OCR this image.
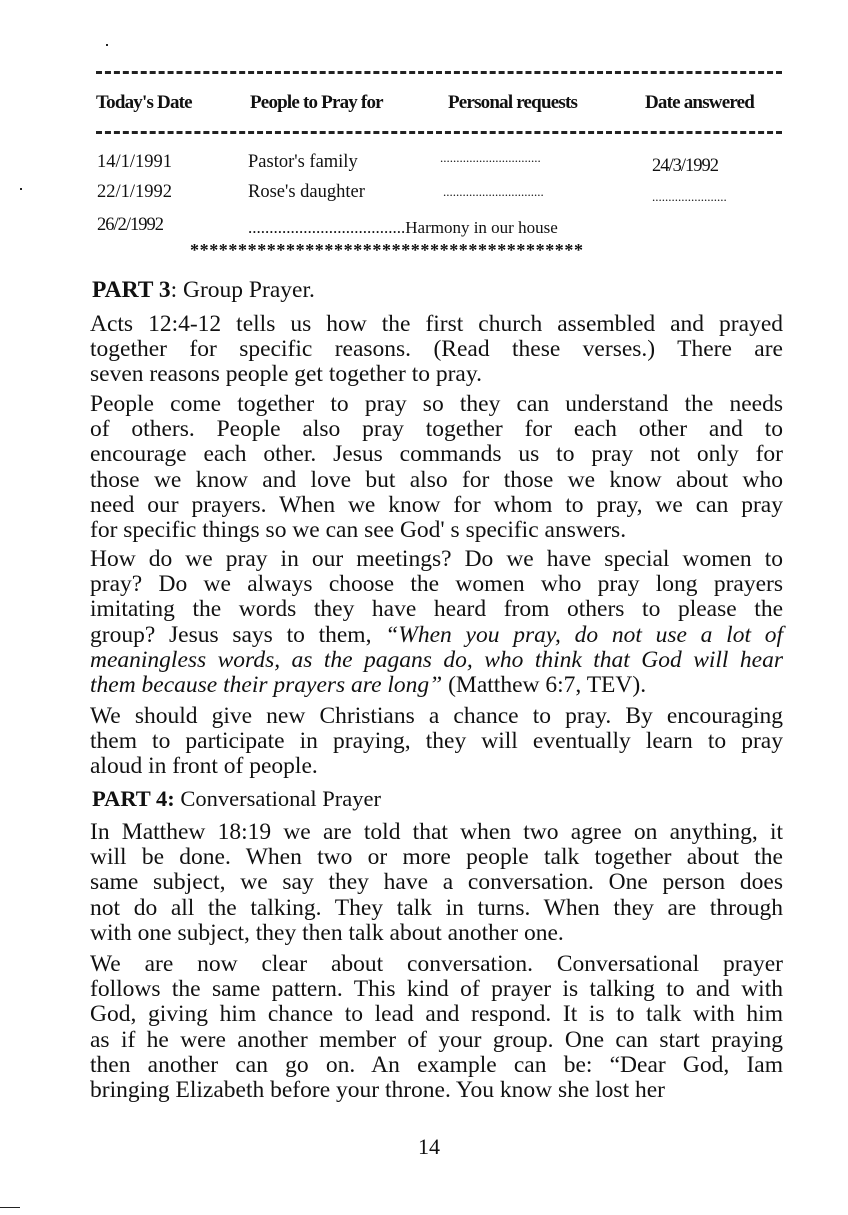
Today's Date	People to Pray for	Personal requests	Date answered
14/1/1991	Pastor's family	...............................	24/3/1992
22/1/1992	Rose's daughter	...............................	.......................
26/2/1992	.....................................Harmony in our house
*****************************************
PART 3: Group Prayer.
Acts 12:4-12 tells us how the first church assembled and prayed
together for specific reasons. (Read these verses.) There are
seven reasons people get together to pray.
People come together to pray so they can understand the needs
of others. People also pray together for each other and to
encourage each other. Jesus commands us to pray not only for
those we know and love but also for those we know about who
need our prayers. When we know for whom to pray, we can pray
for specific things so we can see God' s specific answers.
How do we pray in our meetings? Do we have special women to
pray? Do we always choose the women who pray long prayers
imitating the words they have heard from others to please the
group? Jesus says to them, “When you pray, do not use a lot of
meaningless words, as the pagans do, who think that God will hear
them because their prayers are long” (Matthew 6:7, TEV).
We should give new Christians a chance to pray. By encouraging
them to participate in praying, they will eventually learn to pray
aloud in front of people.
PART 4: Conversational Prayer
In Matthew 18:19 we are told that when two agree on anything, it
will be done. When two or more people talk together about the
same subject, we say they have a conversation. One person does
not do all the talking. They talk in turns. When they are through
with one subject, they then talk about another one.
We are now clear about conversation. Conversational prayer
follows the same pattern. This kind of prayer is talking to and with
God, giving him chance to lead and respond. It is to talk with him
as if he were another member of your group. One can start praying
then another can go on. An example can be: “Dear God, Iam
bringing Elizabeth before your throne. You know she lost her
14
